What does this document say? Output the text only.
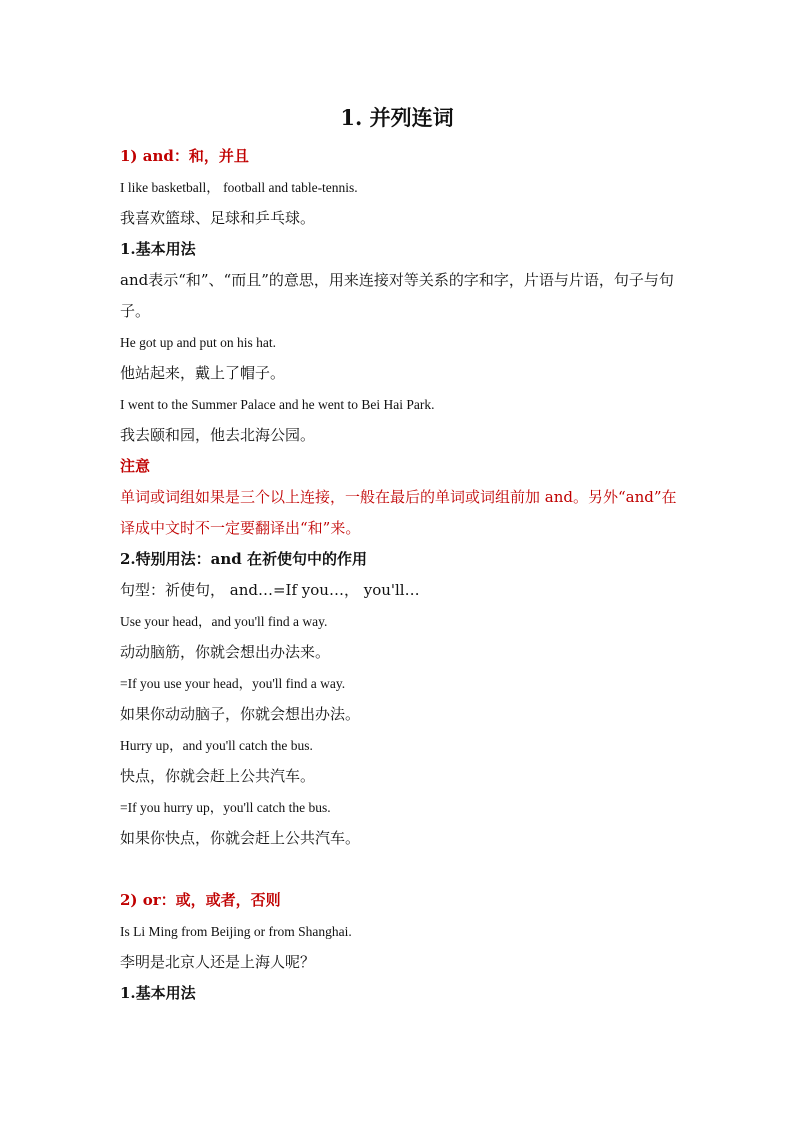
1. 并列连词
1) and：和，并且
I like basketball， football and table-tennis.
我喜欢篮球、足球和乒乓球。
1.基本用法
and表示“和”、“而且”的意思，用来连接对等关系的字和字，片语与片语，句子与句子。
He got up and put on his hat.
他站起来，戴上了帽子。
I went to the Summer Palace and he went to Bei Hai Park.
我去颐和园，他去北海公园。
注意
单词或词组如果是三个以上连接，一般在最后的单词或词组前加 and。另外“and”在译成中文时不一定要翻译出“和”来。
2.特别用法：and 在祈使句中的作用
句型：祈使句， and…=If you…， you'll…
Use your head，and you'll find a way.
动动脑筋，你就会想出办法来。
=If you use your head，you'll find a way.
如果你动动脑子，你就会想出办法。
Hurry up，and you'll catch the bus.
快点，你就会赶上公共汽车。
=If you hurry up，you'll catch the bus.
如果你快点，你就会赶上公共汽车。
2) or：或，或者，否则
Is Li Ming from Beijing or from Shanghai.
李明是北京人还是上海人呢？
1.基本用法
